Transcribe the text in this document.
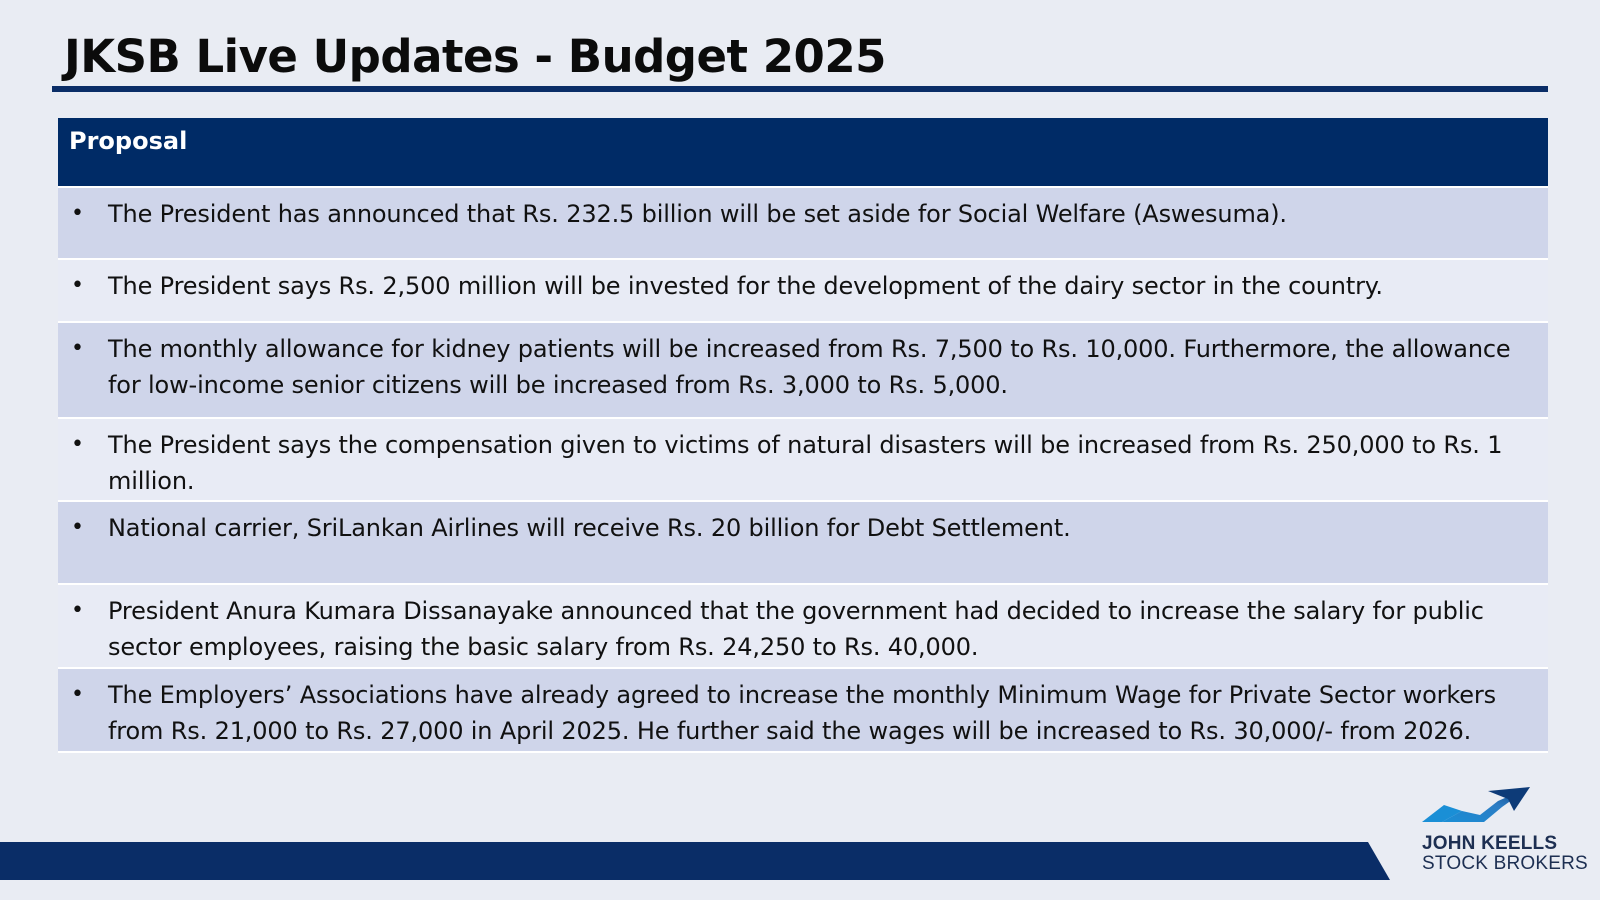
JKSB Live Updates - Budget 2025
Proposal
• The President has announced that Rs. 232.5 billion will be set aside for Social Welfare (Aswesuma).
• The President says Rs. 2,500 million will be invested for the development of the dairy sector in the country.
• The monthly allowance for kidney patients will be increased from Rs. 7,500 to Rs. 10,000. Furthermore, the allowance for low-income senior citizens will be increased from Rs. 3,000 to Rs. 5,000.
• The President says the compensation given to victims of natural disasters will be increased from Rs. 250,000 to Rs. 1 million.
• National carrier, SriLankan Airlines will receive Rs. 20 billion for Debt Settlement.
• President Anura Kumara Dissanayake announced that the government had decided to increase the salary for public sector employees, raising the basic salary from Rs. 24,250 to Rs. 40,000.
• The Employers’ Associations have already agreed to increase the monthly Minimum Wage for Private Sector workers from Rs. 21,000 to Rs. 27,000 in April 2025. He further said the wages will be increased to Rs. 30,000/- from 2026.
JOHN KEELLS
STOCK BROKERS
